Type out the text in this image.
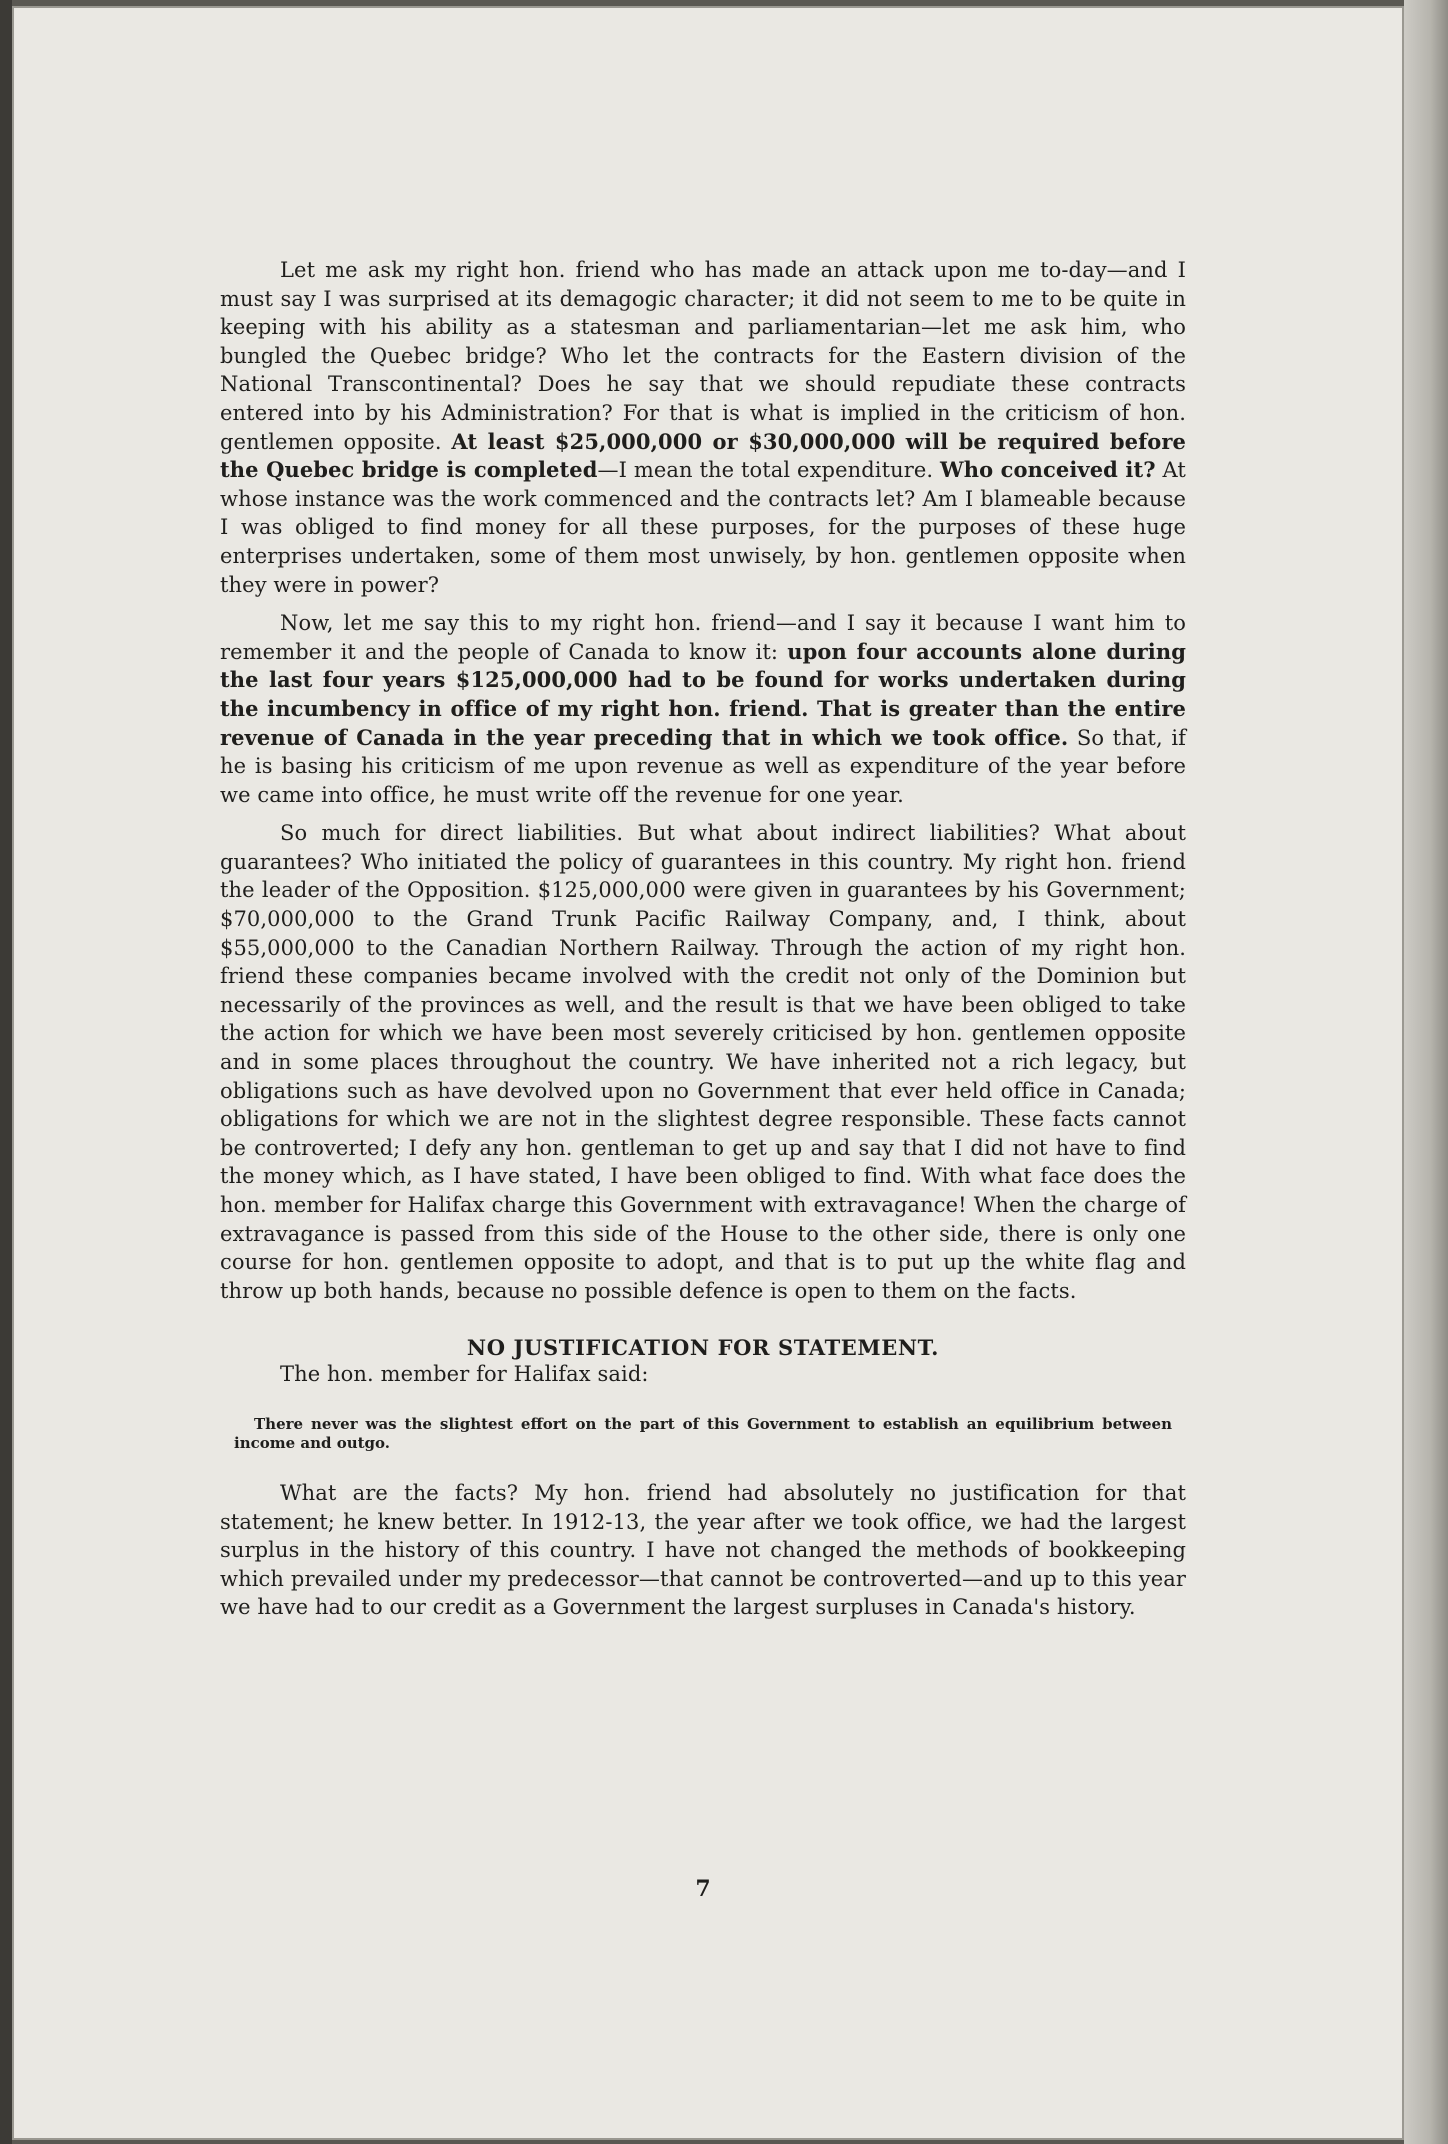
Let me ask my right hon. friend who has made an attack upon me to-day—and I must say I was surprised at its demagogic character; it did not seem to me to be quite in keeping with his ability as a statesman and parliamentarian—let me ask him, who bungled the Quebec bridge? Who let the contracts for the Eastern division of the National Transcontinental? Does he say that we should repudiate these contracts entered into by his Administration? For that is what is implied in the criticism of hon. gentlemen opposite. At least $25,000,000 or $30,000,000 will be required before the Quebec bridge is completed—I mean the total expenditure. Who conceived it? At whose instance was the work commenced and the contracts let? Am I blameable because I was obliged to find money for all these purposes, for the purposes of these huge enterprises undertaken, some of them most unwisely, by hon. gentlemen opposite when they were in power?

Now, let me say this to my right hon. friend—and I say it because I want him to remember it and the people of Canada to know it: upon four accounts alone during the last four years $125,000,000 had to be found for works undertaken during the incumbency in office of my right hon. friend. That is greater than the entire revenue of Canada in the year preceding that in which we took office. So that, if he is basing his criticism of me upon revenue as well as expenditure of the year before we came into office, he must write off the revenue for one year.

So much for direct liabilities. But what about indirect liabilities? What about guarantees? Who initiated the policy of guarantees in this country. My right hon. friend the leader of the Opposition. $125,000,000 were given in guarantees by his Government; $70,000,000 to the Grand Trunk Pacific Railway Company, and, I think, about $55,000,000 to the Canadian Northern Railway. Through the action of my right hon. friend these companies became involved with the credit not only of the Dominion but necessarily of the provinces as well, and the result is that we have been obliged to take the action for which we have been most severely criticised by hon. gentlemen opposite and in some places throughout the country. We have inherited not a rich legacy, but obligations such as have devolved upon no Government that ever held office in Canada; obligations for which we are not in the slightest degree responsible. These facts cannot be controverted; I defy any hon. gentleman to get up and say that I did not have to find the money which, as I have stated, I have been obliged to find. With what face does the hon. member for Halifax charge this Government with extravagance! When the charge of extravagance is passed from this side of the House to the other side, there is only one course for hon. gentlemen opposite to adopt, and that is to put up the white flag and throw up both hands, because no possible defence is open to them on the facts.

NO JUSTIFICATION FOR STATEMENT.

The hon. member for Halifax said:

There never was the slightest effort on the part of this Government to establish an equilibrium between income and outgo.

What are the facts? My hon. friend had absolutely no justification for that statement; he knew better. In 1912-13, the year after we took office, we had the largest surplus in the history of this country. I have not changed the methods of bookkeeping which prevailed under my predecessor—that cannot be controverted—and up to this year we have had to our credit as a Government the largest surpluses in Canada's history.

7
